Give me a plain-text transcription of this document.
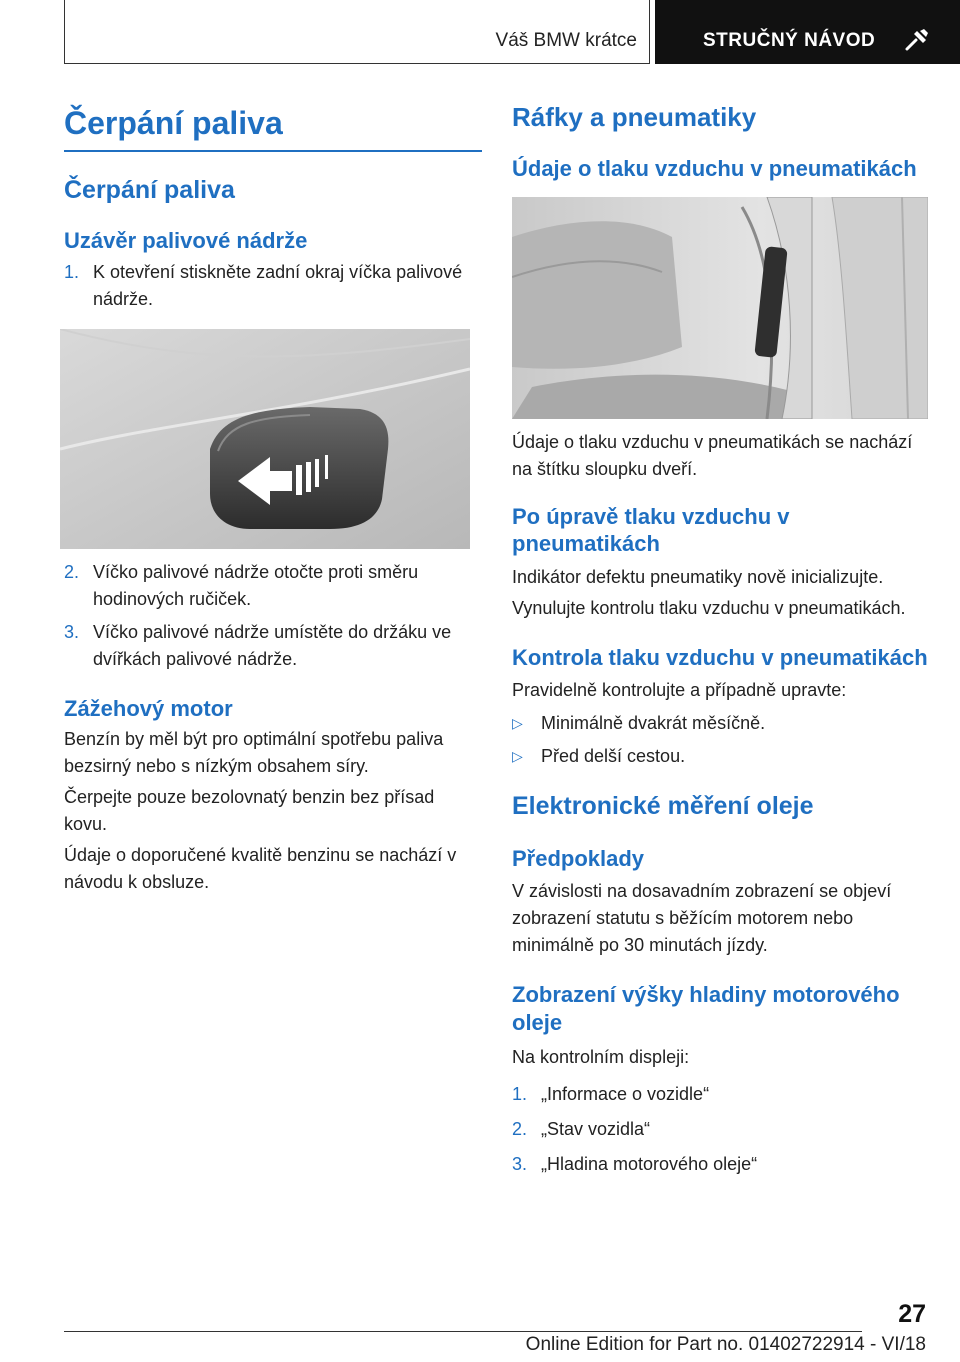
Váš BMW krátce	STRUČNÝ NÁVOD
Čerpání paliva
Čerpání paliva
Uzávěr palivové nádrže
1. K otevření stiskněte zadní okraj víčka palivové nádrže.
2. Víčko palivové nádrže otočte proti směru hodinových ručiček.
3. Víčko palivové nádrže umístěte do držáku ve dvířkách palivové nádrže.
Zážehový motor

Benzín by měl být pro optimální spotřebu paliva bezsirný nebo s nízkým obsahem síry.

Čerpejte pouze bezolovnatý benzin bez přísad kovu.

Údaje o doporučené kvalitě benzinu se nachází v návodu k obsluze.

Ráfky a pneumatiky
Údaje o tlaku vzduchu v pneumatikách

Údaje o tlaku vzduchu v pneumatikách se nachází na štítku sloupku dveří.

Po úpravě tlaku vzduchu v pneumatikách

Indikátor defektu pneumatiky nově inicializujte.

Vynulujte kontrolu tlaku vzduchu v pneumatikách.

Kontrola tlaku vzduchu v pneumatikách

Pravidelně kontrolujte a případně upravte:

▷	Minimálně dvakrát měsíčně.
▷	Před delší cestou.
Elektronické měření oleje
Předpoklady

V závislosti na dosavadním zobrazení se objeví zobrazení statutu s běžícím motorem nebo minimálně po 30 minutách jízdy.

Zobrazení výšky hladiny motorového oleje

Na kontrolním displeji:

1. „Informace o vozidle“
2. „Stav vozidla“
3. „Hladina motorového oleje“
27
Online Edition for Part no. 01402722914 - VI/18
